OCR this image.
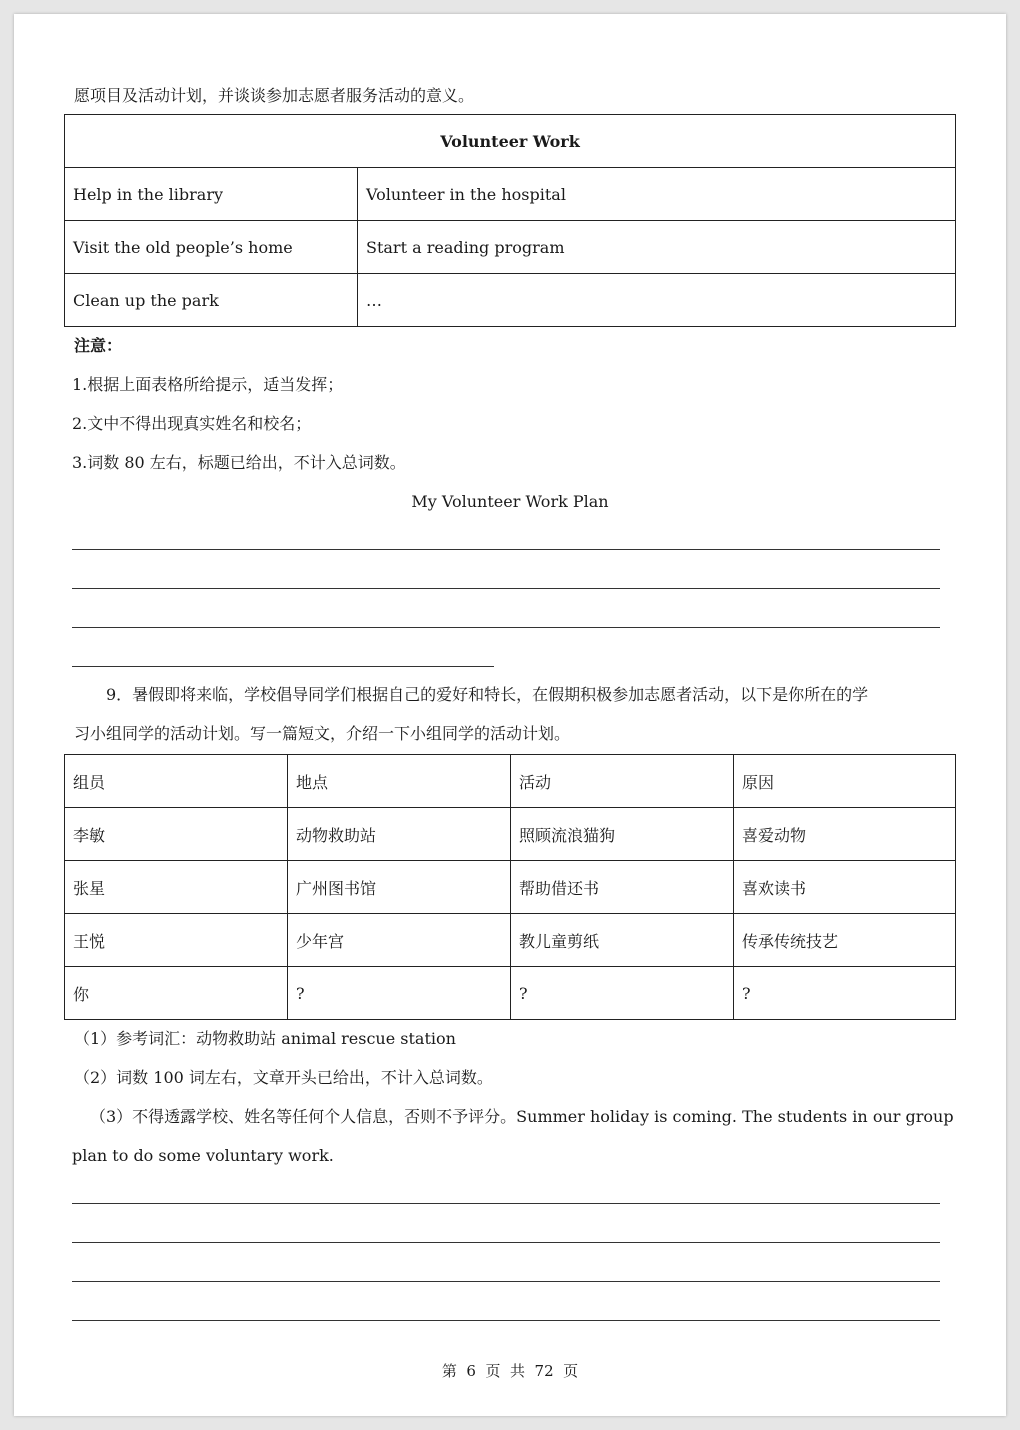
愿项目及活动计划，并谈谈参加志愿者服务活动的意义。
Volunteer Work	
Help in the library	Volunteer in the hospital
Visit the old people’s home	Start a reading program
Clean up the park	…
注意：
1.根据上面表格所给提示，适当发挥；
2.文中不得出现真实姓名和校名；
3.词数 80 左右，标题已给出，不计入总词数。
My Volunteer Work Plan
9．暑假即将来临，学校倡导同学们根据自己的爱好和特长，在假期积极参加志愿者活动，以下是你所在的学
习小组同学的活动计划。写一篇短文，介绍一下小组同学的活动计划。
组员	地点	活动	原因
李敏	动物救助站	照顾流浪猫狗	喜爱动物
张星	广州图书馆	帮助借还书	喜欢读书
王悦	少年宫	教儿童剪纸	传承传统技艺
你	?	?	?
（1）参考词汇：动物救助站 animal rescue station
（2）词数 100 词左右，文章开头已给出，不计入总词数。
（3）不得透露学校、姓名等任何个人信息，否则不予评分。Summer holiday is coming. The students in our group
plan to do some voluntary work.
第  6  页  共  72  页
